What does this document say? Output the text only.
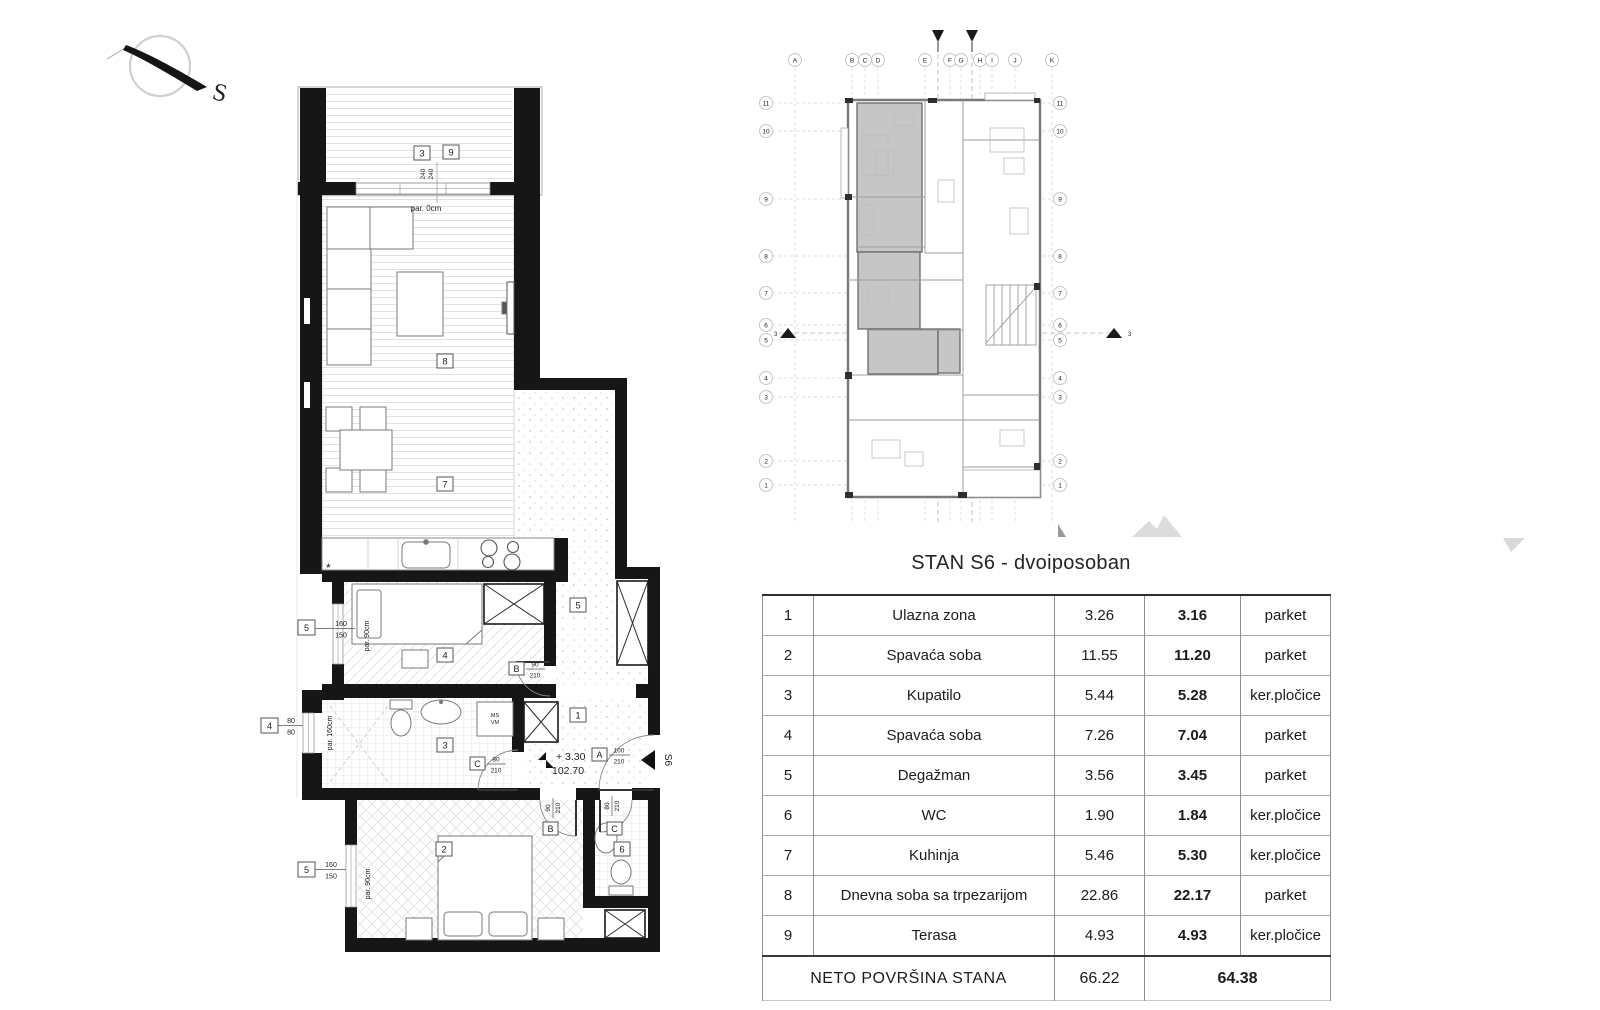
S
B 90
210
C 80
210
A 100
210
B
90 210
C
80 210
3 9
8
7
5
4
3
1
2	6
5	160
150 par. 90cm
4 80
80	par. 160cm
5 160
150	par. 90cm
240 240
par. 0cm
+ 3.30
102.70
S6
MS
VM
*
A	B C D	E	F G H I	J	K
11
10
9
8
7
6
5
4
3
2
1
11
10
9
8
7
6
5
4
3
2
1
3	3
STAN S6 - dvoiposoban
1	Ulazna zona	3.26	3.16	parket
2	Spavaća soba	11.55	11.20	parket
3	Kupatilo	5.44	5.28	ker.pločice
4	Spavaća soba	7.26	7.04	parket
5	Degažman	3.56	3.45	parket
6	WC	1.90	1.84	ker.pločice
7	Kuhinja	5.46	5.30	ker.pločice
8	Dnevna soba sa trpezarijom	22.86	22.17	parket
9	Terasa	4.93	4.93	ker.pločice
NETO POVRŠINA STANA		66.22	64.38	
